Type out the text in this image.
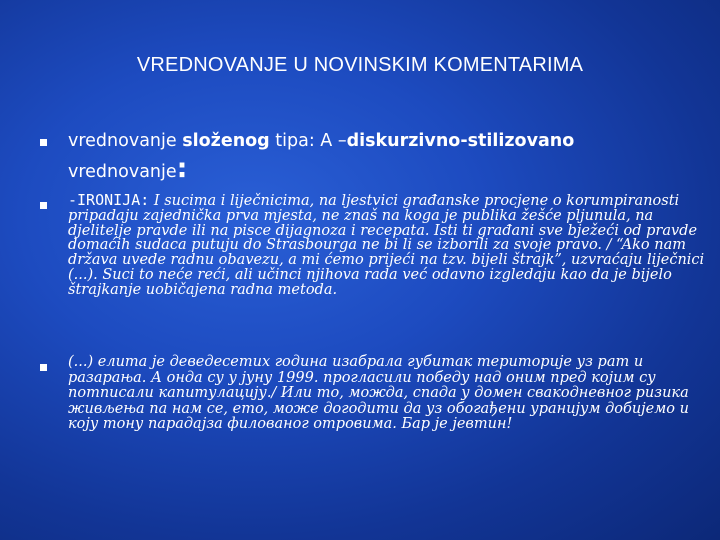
VREDNOVANJE U NOVINSKIM KOMENTARIMA
vrednovanje složenog tipa: A –diskurzivno-stilizovano vrednovanje:
-IRONIJA: I sucima i liječnicima, na ljestvici građanske procjene o korumpiranosti pripadaju zajednička prva mjesta, ne znaš na koga je publika žešće pljunula, na djelitelje pravde ili na pisce dijagnoza i recepata. Isti ti građani sve bježeći od pravde domaćih sudaca putuju do Strasbourga ne bi li se izborili za svoje pravo. / “Ako nam država uvede radnu obavezu, a mi ćemo prijeći na tzv. bijeli štrajk”, uzvraćaju liječnici (...). Suci to neće reći, ali učinci njihova rada već odavno izgledaju kao da je bijelo štrajkanje uobičajena radna metoda.
(...) елита је деведесетих година изабрала губитак територије уз рат и разарања. А онда су у јуну 1999. прогласили победу над оним пред којим су потписали капитулацију./ Или то, можда, спада у домен свакодневног ризика живљења па нам се, ето, може догодити да уз обогађени уранијум добијемо и коју тону парадајза филованог отровима. Бар је јевтин!
